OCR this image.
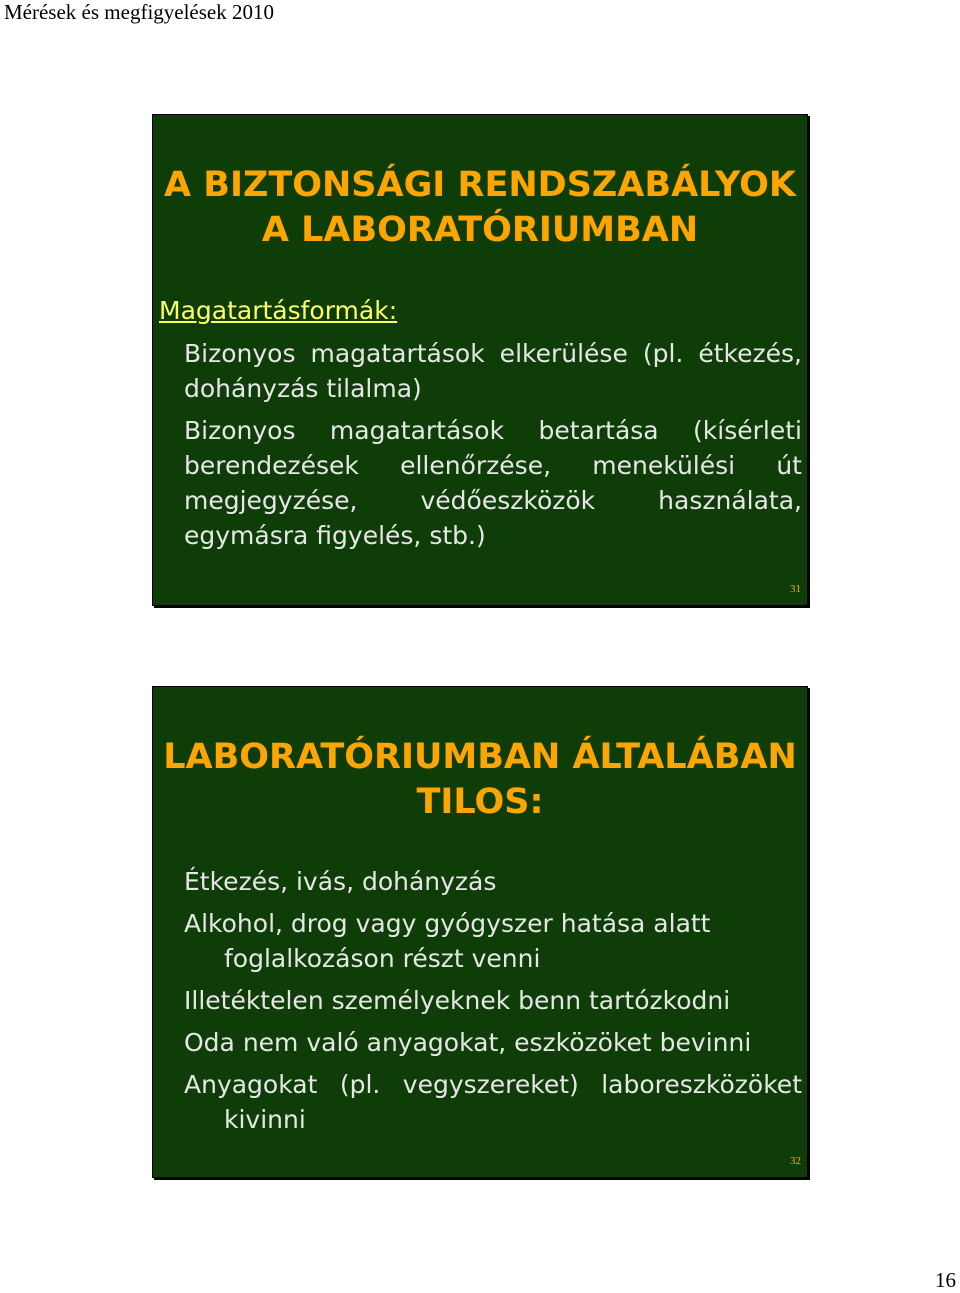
Mérések és megfigyelések 2010
A BIZTONSÁGI RENDSZABÁLYOK
A LABORATÓRIUMBAN
Magatartásformák:
Bizonyos magatartások elkerülése (pl. étkezés, dohányzás tilalma)
Bizonyos magatartások betartása (kísérleti berendezések ellenőrzése, menekülési út megjegyzése, védőeszközök használata, egymásra figyelés, stb.)
31
LABORATÓRIUMBAN ÁLTALÁBAN
TILOS:
Étkezés, ivás, dohányzás
Alkohol, drog vagy gyógyszer hatása alatt
foglalkozáson részt venni
Illetéktelen személyeknek benn tartózkodni
Oda nem való anyagokat, eszközöket bevinni
Anyagokat (pl. vegyszereket) laboreszközöket
kivinni
32
16
